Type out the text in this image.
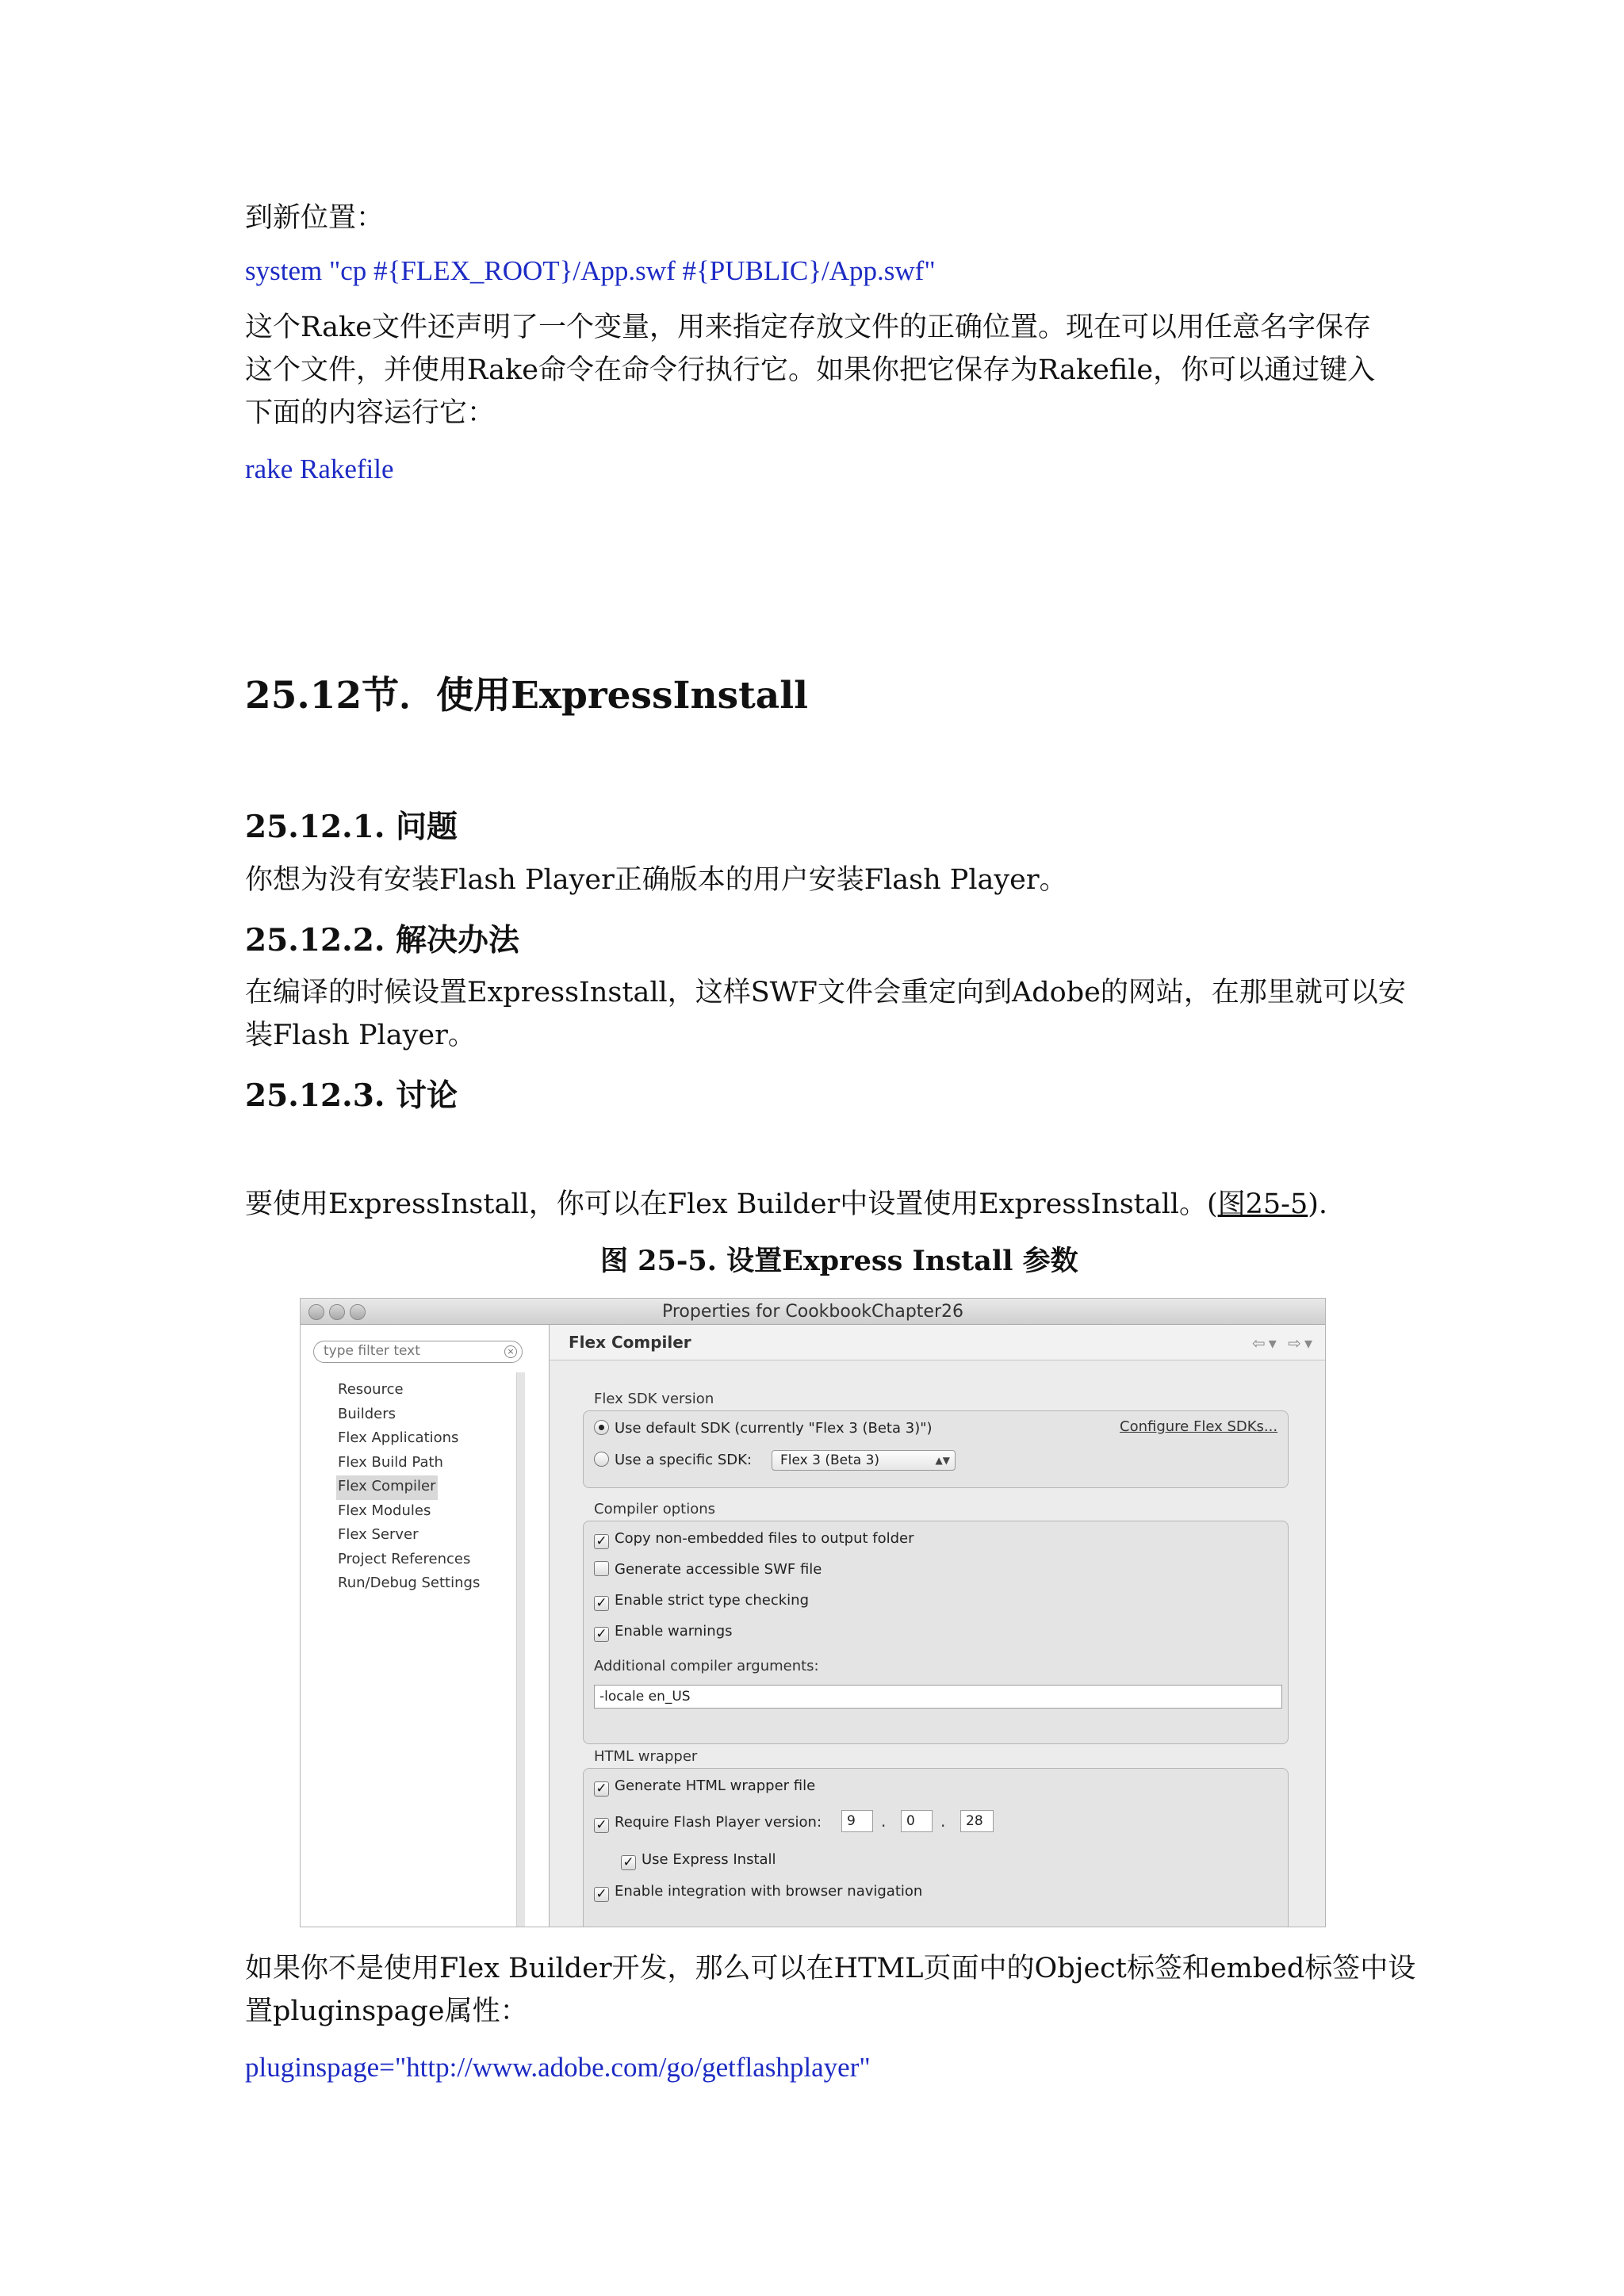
到新位置：
system "cp #{FLEX_ROOT}/App.swf #{PUBLIC}/App.swf"
这个Rake文件还声明了一个变量，用来指定存放文件的正确位置。现在可以用任意名字保存
这个文件，并使用Rake命令在命令行执行它。如果你把它保存为Rakefile，你可以通过键入
下面的内容运行它：
rake Rakefile
25.12节．使用ExpressInstall
25.12.1. 问题
你想为没有安装Flash Player正确版本的用户安装Flash Player。
25.12.2. 解决办法
在编译的时候设置ExpressInstall，这样SWF文件会重定向到Adobe的网站，在那里就可以安
装Flash Player。
25.12.3. 讨论
要使用ExpressInstall，你可以在Flex Builder中设置使用ExpressInstall。(图25-5).
图 25-5. 设置Express Install 参数
Properties for CookbookChapter26
type filter text
×
Resource
Builders
Flex Applications
Flex Build Path
Flex Compiler

Flex Modules
Flex Server
Project References
Run/Debug Settings
Flex Compiler	⇦▾ ⇨▾
Flex SDK version
Use default SDK (currently "Flex 3 (Beta 3)")	Configure Flex SDKs...
Use a specific SDK:	Flex 3 (Beta 3)	▲▼
Compiler options
✓ Copy non-embedded files to output folder
Generate accessible SWF file
✓ Enable strict type checking
✓ Enable warnings
Additional compiler arguments:
-locale en_US
HTML wrapper
✓ Generate HTML wrapper file
✓ Require Flash Player version:	9	.	0	.	28
✓ Use Express Install
✓ Enable integration with browser navigation
如果你不是使用Flex Builder开发，那么可以在HTML页面中的Object标签和embed标签中设
置pluginspage属性：
pluginspage="http://www.adobe.com/go/getflashplayer"
